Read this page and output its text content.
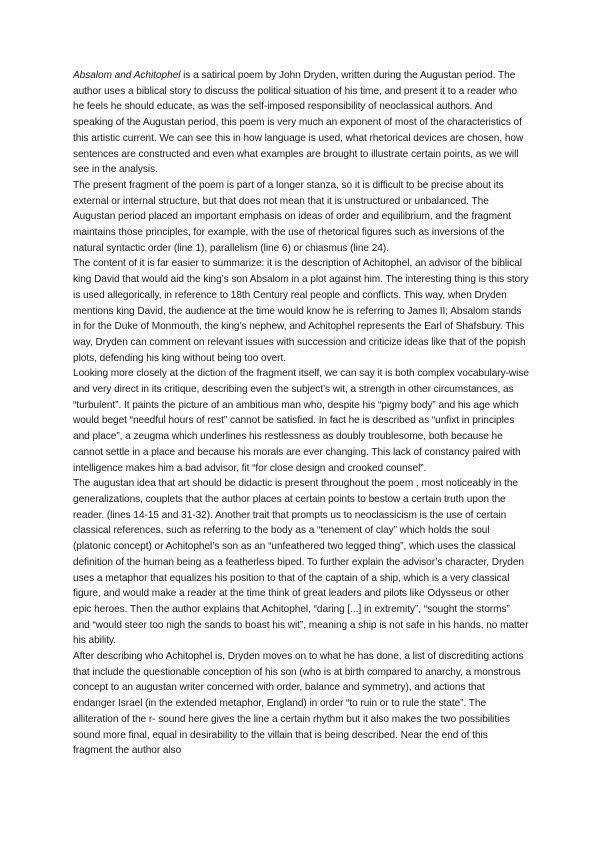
Absalom and Achitophel is a satirical poem by John Dryden, written during the Augustan period. The author uses a biblical story to discuss the political situation of his time, and present it to a reader who he feels he should educate, as was the self-imposed responsibility of neoclassical authors. And speaking of the Augustan period, this poem is very much an exponent of most of the characteristics of this artistic current. We can see this in how language is used, what rhetorical devices are chosen, how sentences are constructed and even what examples are brought to illustrate certain points, as we will see in the analysis.

The present fragment of the poem is part of a longer stanza, so it is difficult to be precise about its external or internal structure, but that does not mean that it is unstructured or unbalanced. The Augustan period placed an important emphasis on ideas of order and equilibrium, and the fragment maintains those principles, for example, with the use of rhetorical figures such as inversions of the natural syntactic order (line 1), parallelism (line 6) or chiasmus (line 24).

The content of it is far easier to summarize: it is the description of Achitophel, an advisor of the biblical king David that would aid the king’s son Absalom in a plot against him. The interesting thing is this story is used allegorically, in reference to 18th Century real people and conflicts. This way, when Dryden mentions king David, the audience at the time would know he is referring to James II; Absalom stands in for the Duke of Monmouth, the king’s nephew, and Achitophel represents the Earl of Shafsbury. This way, Dryden can comment on relevant issues with succession and criticize ideas like that of the popish plots, defending his king without being too overt.

Looking more closely at the diction of the fragment itself, we can say it is both complex vocabulary-wise and very direct in its critique, describing even the subject’s wit, a strength in other circumstances, as “turbulent”. It paints the picture of an ambitious man who, despite his “pigmy body” and his age which would beget “needful hours of rest” cannot be satisfied. In fact he is described as “unfixt in principles and place”, a zeugma which underlines his restlessness as doubly troublesome, both because he cannot settle in a place and because his morals are ever changing. This lack of constancy paired with intelligence makes him a bad advisor, fit “for close design and crooked counsel”.

The augustan idea that art should be didactic is present throughout the poem , most noticeably in the generalizations, couplets that the author places at certain points to bestow a certain truth upon the reader. (lines 14-15 and 31-32). Another trait that prompts us to neoclassicism is the use of certain classical references, such as referring to the body as a “tenement of clay” which holds the soul (platonic concept) or Achitophel’s son as an “unfeathered two legged thing”, which uses the classical definition of the human being as a featherless biped. To further explain the advisor’s character, Dryden uses a metaphor that equalizes his position to that of the captain of a ship, which is a very classical figure, and would make a reader at the time think of great leaders and pilots like Odysseus or other epic heroes. Then the author explains that Achitophel, “daring [...] in extremity”, “sought the storms” and “would steer too nigh the sands to boast his wit”, meaning a ship is not safe in his hands, no matter his ability.

After describing who Achitophel is, Dryden moves on to what he has done, a list of discrediting actions that include the questionable conception of his son (who is at birth compared to anarchy, a monstrous concept to an augustan writer concerned with order, balance and symmetry), and actions that endanger Israel (in the extended metaphor, England) in order “to ruin or to rule the state”. The alliteration of the r- sound here gives the line a certain rhythm but it also makes the two possibilities sound more final, equal in desirability to the villain that is being described. Near the end of this fragment the author also
